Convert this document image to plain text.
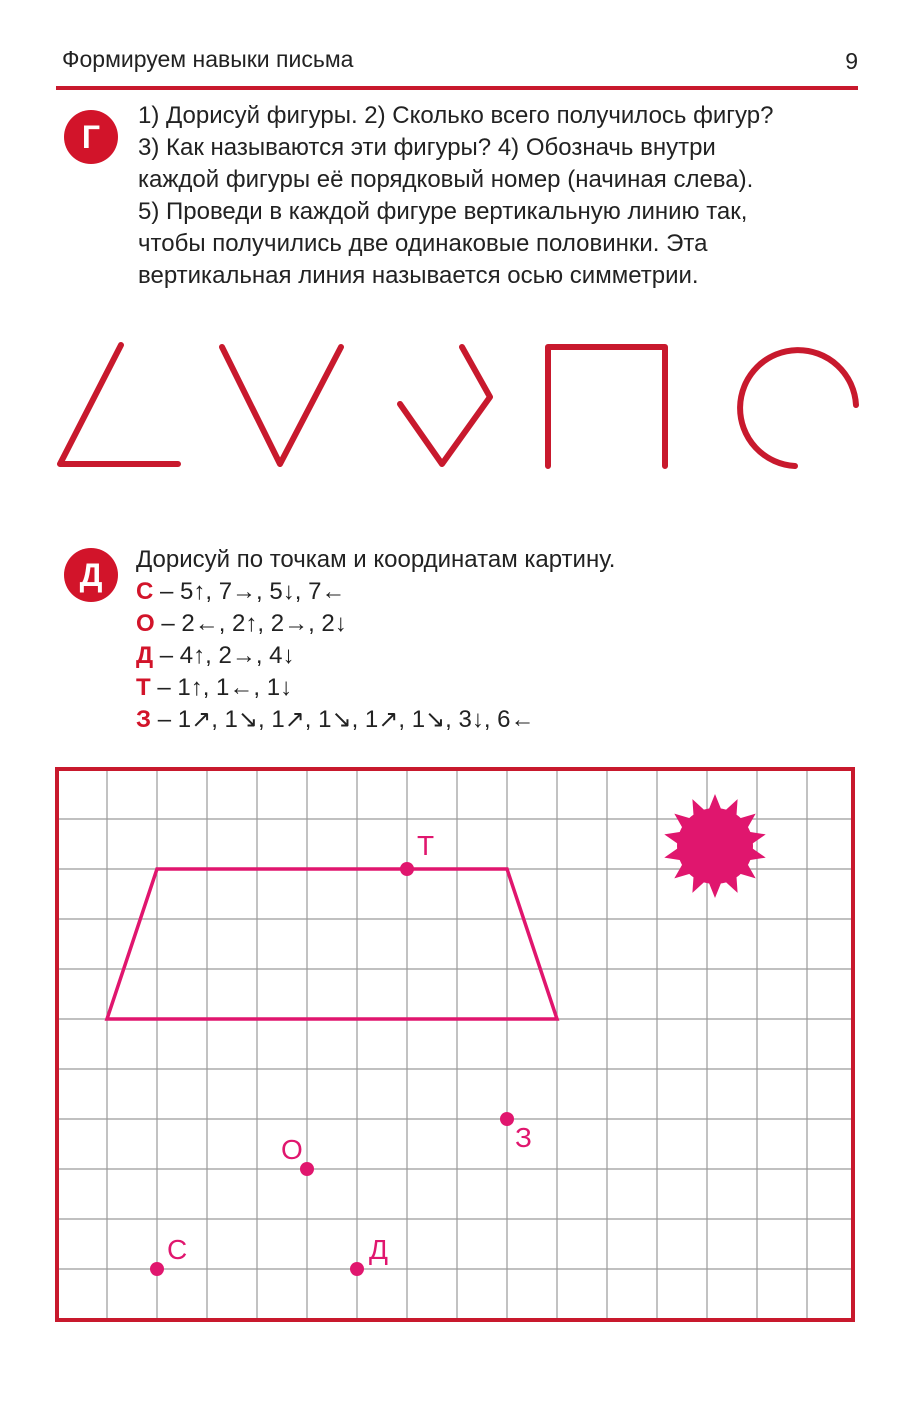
Формируем навыки письма	9
Г
1) Дорисуй фигуры. 2) Сколько всего получилось фигур?
3) Как называются эти фигуры? 4) Обозначь внутри
каждой фигуры её порядковый номер (начиная слева).
5) Проведи в каждой фигуре вертикальную линию так,
чтобы получились две одинаковые половинки. Эта
вертикальная линия называется осью симметрии.
Д	Дорисуй по точкам и координатам картину.
С – 5↑, 7→, 5↓, 7←
О – 2←, 2↑, 2→, 2↓
Д – 4↑, 2→, 4↓
Т – 1↑, 1←, 1↓
З – 1↗, 1↘, 1↗, 1↘, 1↗, 1↘, 3↓, 6←
Т
З
О
С	Д
